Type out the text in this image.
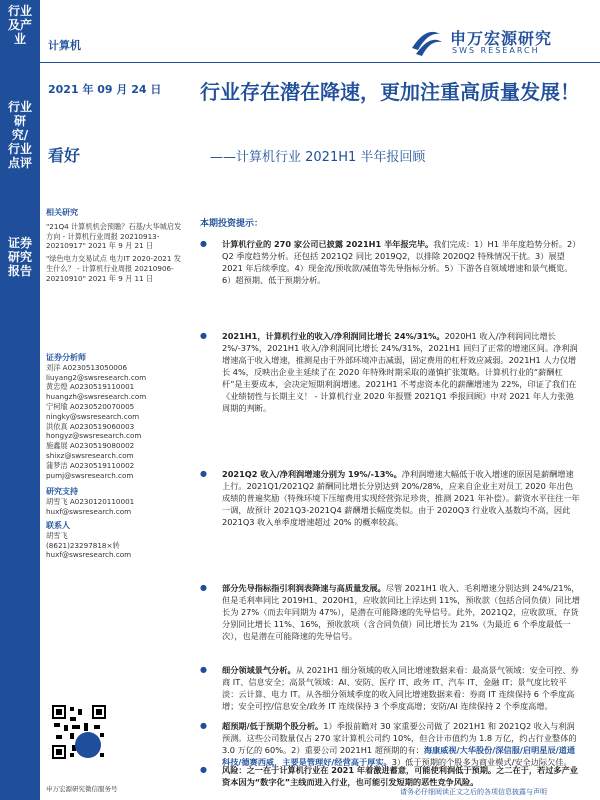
行业及产业
行业研究/行业点评
证券研究报告
计算机	申万宏源研究
SWS RESEARCH
2021 年 09 月 24 日
看好
行业存在潜在降速，更加注重高质量发展！
——计算机行业 2021H1 半年报回顾
相关研究
"21Q4 计算机机会预瞻？石基/大华城启发方向 - 计算机行业周报 20210913-20210917" 2021 年 9 月 21 日
"绿色电力交易试点 电力IT 2020-2021 发生什么？ - 计算机行业周报 20210906-20210910" 2021 年 9 月 11 日
证券分析师
刘洋 A0230513050006
liuyang2@swsresearch.com
黄忠煌 A0230519110001
huangzh@swsresearch.com
宁柯瑜 A0230520070005
ningky@swsresearch.com
洪依真 A0230519060003
hongyz@swsresearch.com
施鑫展 A0230519080002
shixz@swsresearch.com
蒲梦洁 A0230519110002
pumj@swsresearch.com
研究支持
胡雪飞 A0230120110001
huxf@swsresearch.com
联系人
胡雪飞
(8621)23297818×转
huxf@swsresearch.com
申万宏源研究微信服务号
本期投资提示：
● 计算机行业的 270 家公司已披露 2021H1 半年报完毕。我们完成：1）H1 半年度趋势分析。2）Q2 季度趋势分析。还包括 2021Q2 同比 2019Q2，以排除 2020Q2 特殊情况干扰。3）展望 2021 年后续季度。4）现金流/预收款/减值等先导指标分析。5）下游各自领域增速和景气概览。6）超预期、低于预期分析。
● 2021H1，计算机行业的收入/净利润同比增长 24%/31%。2020H1 收入/净利润同比增长 2%/-37%，2021H1 收入/净利润同比增长 24%/31%，2021H1 回归了正常的增速区间。净利润增速高于收入增速，推测是由于外部环境冲击减弱，固定费用的杠杆效应减弱。2021H1 人力仅增长 4%，反映出企业主延续了在 2020 年特殊时期采取的谨慎扩张策略。计算机行业的“薪酬杠杆”是主要成本，会决定短期利润增速。2021H1 不考虑资本化的薪酬增速为 22%，印证了我们在《业绩韧性与长期主义！ - 计算机行业 2020 年报暨 2021Q1 季报回顾》中对 2021 年人力张弛周期的判断。
● 2021Q2 收入/净利润增速分别为 19%/-13%。净利润增速大幅低于收入增速的原因是薪酬增速上行。2021Q1/2021Q2 薪酬同比增长分别达到 20%/28%，应来自企业主对员工 2020 年出色成绩的普遍奖励（特殊环境下压缩费用实现经营弥足珍贵，推测 2021 年补偿）。薪资水平往往一年一调，故预计 2021Q3-2021Q4 薪酬增长幅度类似。由于 2020Q3 行业收入基数均不高，因此 2021Q3 收入单季度增速超过 20% 的概率较高。
● 部分先导指标指引利润表降速与高质量发展。尽管 2021H1 收入、毛利增速分别达到 24%/21%，但是毛利率同比 2019H1、2020H1，应收款同比上浮达到 11%，预收款（包括合同负债）同比增长为 27%（而去年同期为 47%），是潜在可能降速的先导信号。此外，2021Q2，应收款项、存货分别同比增长 11%、16%，预收款项（含合同负债）同比增长为 21%（为最近 6 个季度最低一次），也是潜在可能降速的先导信号。
● 细分领域景气分析。从 2021H1 细分领域的收入同比增速数据来看：最高景气领域：安全可控、券商 IT、信息安全；高景气领域：AI、安防、医疗 IT、政务 IT、汽车 IT、金融 IT；景气度比较平淡：云计算、电力 IT。从各细分领域季度的收入同比增速数据来看：券商 IT 连续保持 6 个季度高增；安全可控/信息安全/政务 IT 连续保持 3 个季度高增；安防/AI 连续保持 2 个季度高增。
● 超预期/低于预期个股分析。1）季报前瞻对 30 家重要公司做了 2021H1 和 2021Q2 收入与利润预测。这些公司数量仅占 270 家计算机公司约 10%，但合计市值约为 1.8 万亿，约占行业整体的 3.0 万亿的 60%。2）重要公司 2021H1 超预期的有：海康威视/大华股份/深信服/启明星辰/道通科技/德赛西威，主要是管理好/经营高于厚实。3）低于预期的个股多为商业模式/安全边际欠佳。
● 风险：之一在于计算机行业在 2021 年着激进蓄意，可能使利润低于预期。之二在于，若过多产业资本因为“数字化”主线而进入行业，也可能引发短期的恶性竞争风险。
请务必仔细阅读正文之后的各项信息披露与声明
